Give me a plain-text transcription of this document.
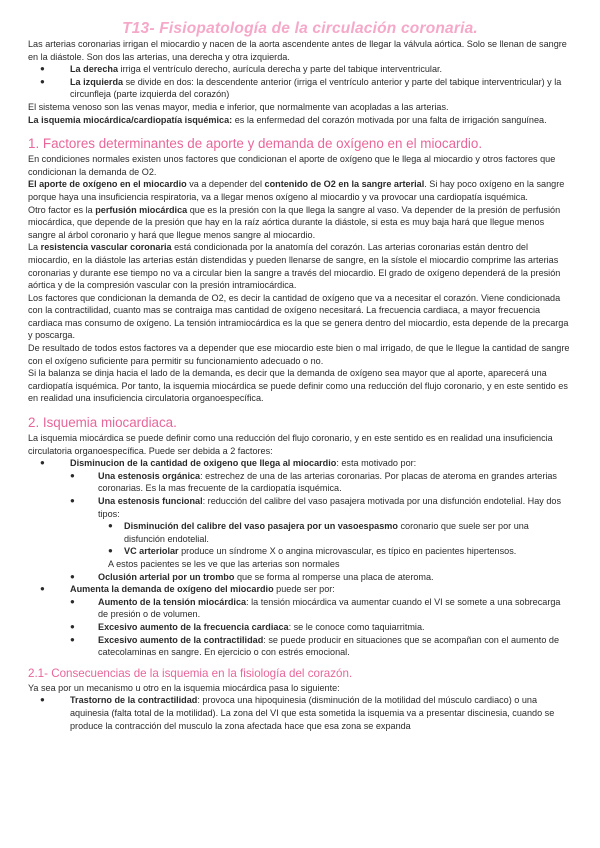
T13- Fisiopatología de la circulación coronaria.

Las arterias coronarias irrigan el miocardio y nacen de la aorta ascendente antes de llegar la válvula aórtica. Solo se llenan de sangre en la diástole. Son dos las arterias, una derecha y otra izquierda.

●	La derecha irriga el ventrículo derecho, aurícula derecha y parte del tabique interventricular.
●	La izquierda se divide en dos: la descendente anterior (irriga el ventrículo anterior y parte del tabique interventricular) y la circunfleja (parte izquierda del corazón)

El sistema venoso son las venas mayor, media e inferior, que normalmente van acopladas a las arterias.

La isquemia miocárdica/cardiopatía isquémica: es la enfermedad del corazón motivada por una falta de irrigación sanguínea.

1. Factores determinantes de aporte y demanda de oxígeno en el miocardio.

En condiciones normales existen unos factores que condicionan el aporte de oxígeno que le llega al miocardio y otros factores que condicionan la demanda de O2.

El aporte de oxígeno en el miocardio va a depender del contenido de O2 en la sangre arterial. Si hay poco oxígeno en la sangre porque haya una insuficiencia respiratoria, va a llegar menos oxígeno al miocardio y va provocar una cardiopatía isquémica.

Otro factor es la perfusión miocárdica que es la presión con la que llega la sangre al vaso. Va depender de la presión de perfusión miocárdica, que depende de la presión que hay en la raíz aórtica durante la diástole, si esta es muy baja hará que llegue menos sangre al árbol coronario y hará que llegue menos sangre al miocardio.

La resistencia vascular coronaria está condicionada por la anatomía del corazón. Las arterias coronarias están dentro del miocardio, en la diástole las arterias están distendidas y pueden llenarse de sangre, en la sístole el miocardio comprime las arterias coronarias y durante ese tiempo no va a circular bien la sangre a través del miocardio. El grado de oxígeno dependerá de la presión aórtica y de la compresión vascular con la presión intramiocárdica.

Los factores que condicionan la demanda de O2, es decir la cantidad de oxígeno que va a necesitar el corazón. Viene condicionada con la contractilidad, cuanto mas se contraiga mas cantidad de oxígeno necesitará. La frecuencia cardiaca, a mayor frecuencia cardiaca mas consumo de oxígeno. La tensión intramiocárdica es la que se genera dentro del miocardio, esta depende de la precarga y poscarga.

De resultado de todos estos factores va a depender que ese miocardio este bien o mal irrigado, de que le llegue la cantidad de sangre con el oxígeno suficiente para permitir su funcionamiento adecuado o no.

Si la balanza se dinja hacia el lado de la demanda, es decir que la demanda de oxígeno sea mayor que al aporte, aparecerá una cardiopatía isquémica. Por tanto, la isquemia miocárdica se puede definir como una reducción del flujo coronario, y en este sentido es en realidad una insuficiencia circulatoria organoespecífica.

2. Isquemia miocardiaca.

La isquemia miocárdica se puede definir como una reducción del flujo coronario, y en este sentido es en realidad una insuficiencia circulatoria organoespecífica. Puede ser debida a 2 factores:

●	Disminucion de la cantidad de oxigeno que llega al miocardio: esta motivado por:
●	Una estenosis orgánica: estrechez de una de las arterias coronarias. Por placas de ateroma en grandes arterias coronarias. Es la mas frecuente de la cardiopatía isquémica.
●	Una estenosis funcional: reducción del calibre del vaso pasajera motivada por una disfunción endotelial. Hay dos tipos:
● Disminución del calibre del vaso pasajera por un vasoespasmo coronario que suele ser por una disfunción endotelial.
● VC arteriolar produce un síndrome X o angina microvascular, es típico en pacientes hipertensos.
A estos pacientes se les ve que las arterias son normales
●	Oclusión arterial por un trombo que se forma al romperse una placa de ateroma.
●	Aumenta la demanda de oxígeno del miocardio puede ser por:
●	Aumento de la tensión miocárdica: la tensión miocárdica va aumentar cuando el VI se somete a una sobrecarga de presión o de volumen.
●	Excesivo aumento de la frecuencia cardiaca: se le conoce como taquiarritmia.
●	Excesivo aumento de la contractilidad: se puede producir en situaciones que se acompañan con el aumento de catecolaminas en sangre. En ejercicio o con estrés emocional.
2.1- Consecuencias de la isquemia en la fisiología del corazón.

Ya sea por un mecanismo u otro en la isquemia miocárdica pasa lo siguiente:

●	Trastorno de la contractilidad: provoca una hipoquinesia (disminución de la motilidad del músculo cardiaco) o una aquinesia (falta total de la motilidad). La zona del VI que esta sometida la isquemia va a presentar discinesia, cuando se produce la contracción del musculo la zona afectada hace que esa zona se expanda
